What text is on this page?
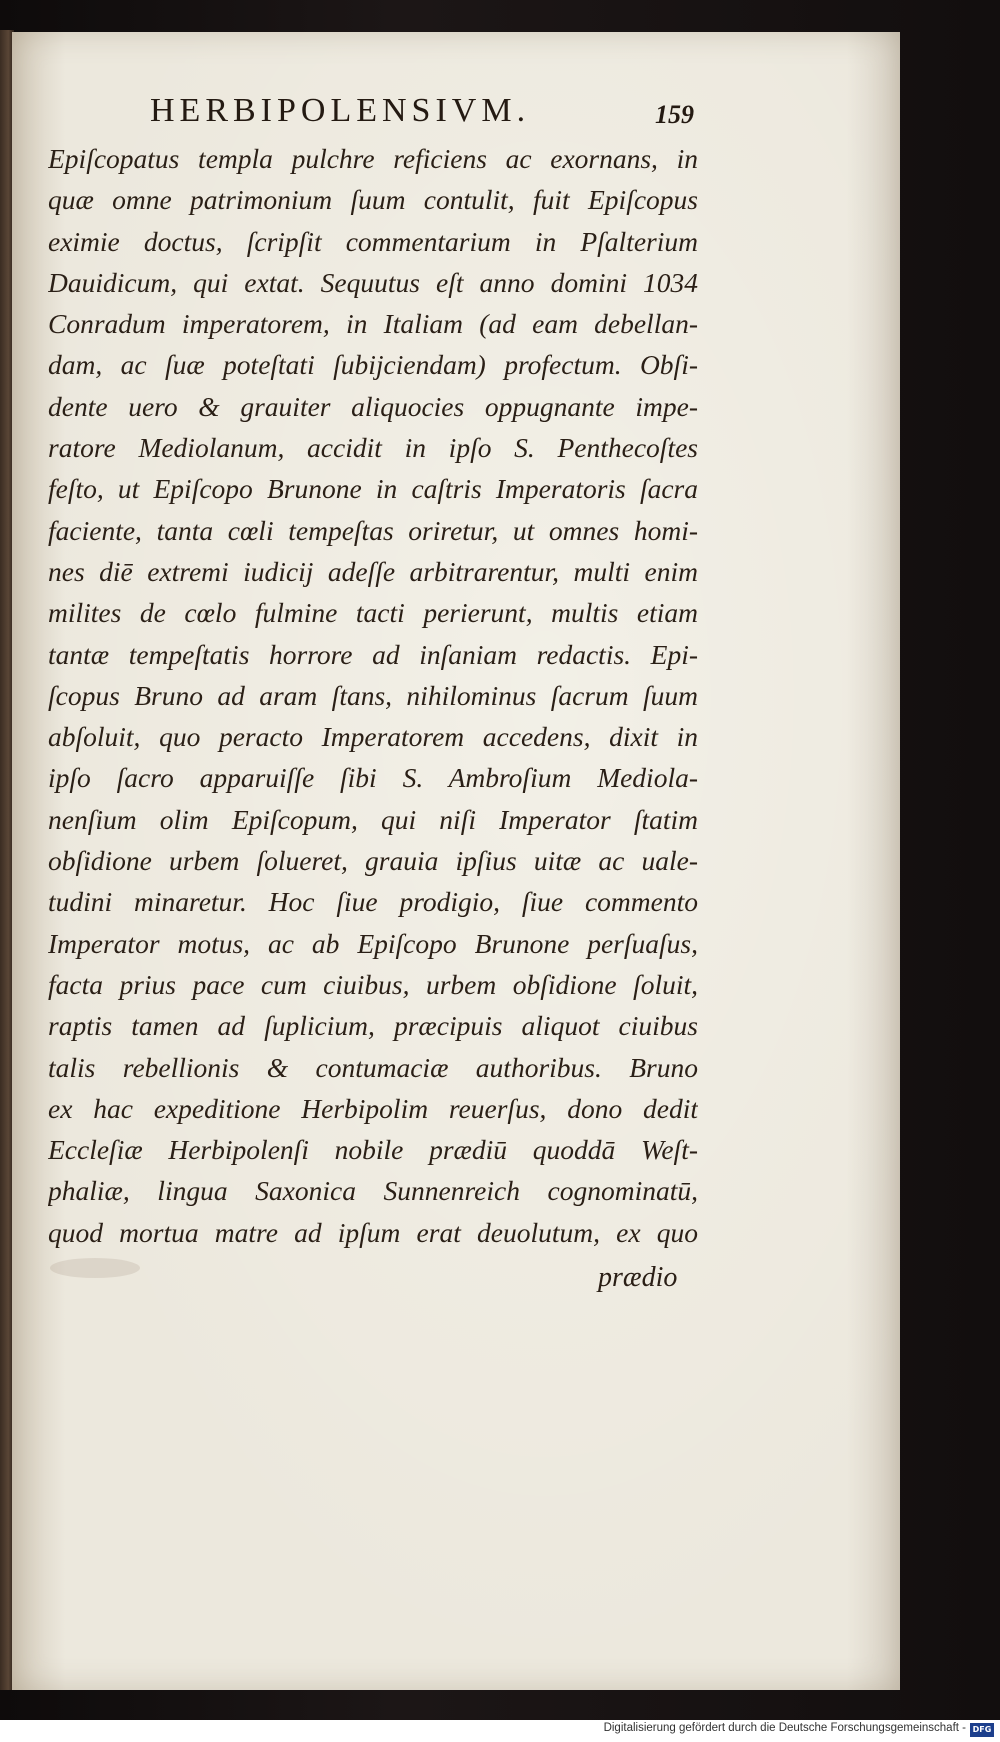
HERBIPOLENSIVM.	159
Epiſcopatus templa pulchre reficiens ac exornans, in
quæ omne patrimonium ſuum contulit, fuit Epiſcopus
eximie doctus, ſcripſit commentarium in Pſalterium
Dauidicum, qui extat. Sequutus eſt anno domini 1034
Conradum imperatorem, in Italiam (ad eam debellan-
dam, ac ſuæ poteſtati ſubijciendam) profectum. Obſi-
dente uero & grauiter aliquocies oppugnante impe-
ratore Mediolanum, accidit in ipſo S. Penthecoſtes
feſto, ut Epiſcopo Brunone in caſtris Imperatoris ſacra
faciente, tanta cœli tempeſtas oriretur, ut omnes homi-
nes diē extremi iudicij adeſſe arbitrarentur, multi enim
milites de cœlo fulmine tacti perierunt, multis etiam
tantæ tempeſtatis horrore ad inſaniam redactis. Epi-
ſcopus Bruno ad aram ſtans, nihilominus ſacrum ſuum
abſoluit, quo peracto Imperatorem accedens, dixit in
ipſo ſacro apparuiſſe ſibi S. Ambroſium Mediola-
nenſium olim Epiſcopum, qui niſi Imperator ſtatim
obſidione urbem ſolueret, grauia ipſius uitæ ac uale-
tudini minaretur. Hoc ſiue prodigio, ſiue commento
Imperator motus, ac ab Epiſcopo Brunone perſuaſus,
facta prius pace cum ciuibus, urbem obſidione ſoluit,
raptis tamen ad ſuplicium, præcipuis aliquot ciuibus
talis rebellionis & contumaciæ authoribus. Bruno
ex hac expeditione Herbipolim reuerſus, dono dedit
Eccleſiæ Herbipolenſi nobile prædiū quoddā Weſt-
phaliæ, lingua Saxonica Sunnenreich cognominatū,
quod mortua matre ad ipſum erat deuolutum, ex quo
prædio
Digitalisierung gefördert durch die Deutsche Forschungsgemeinschaft - DFG
